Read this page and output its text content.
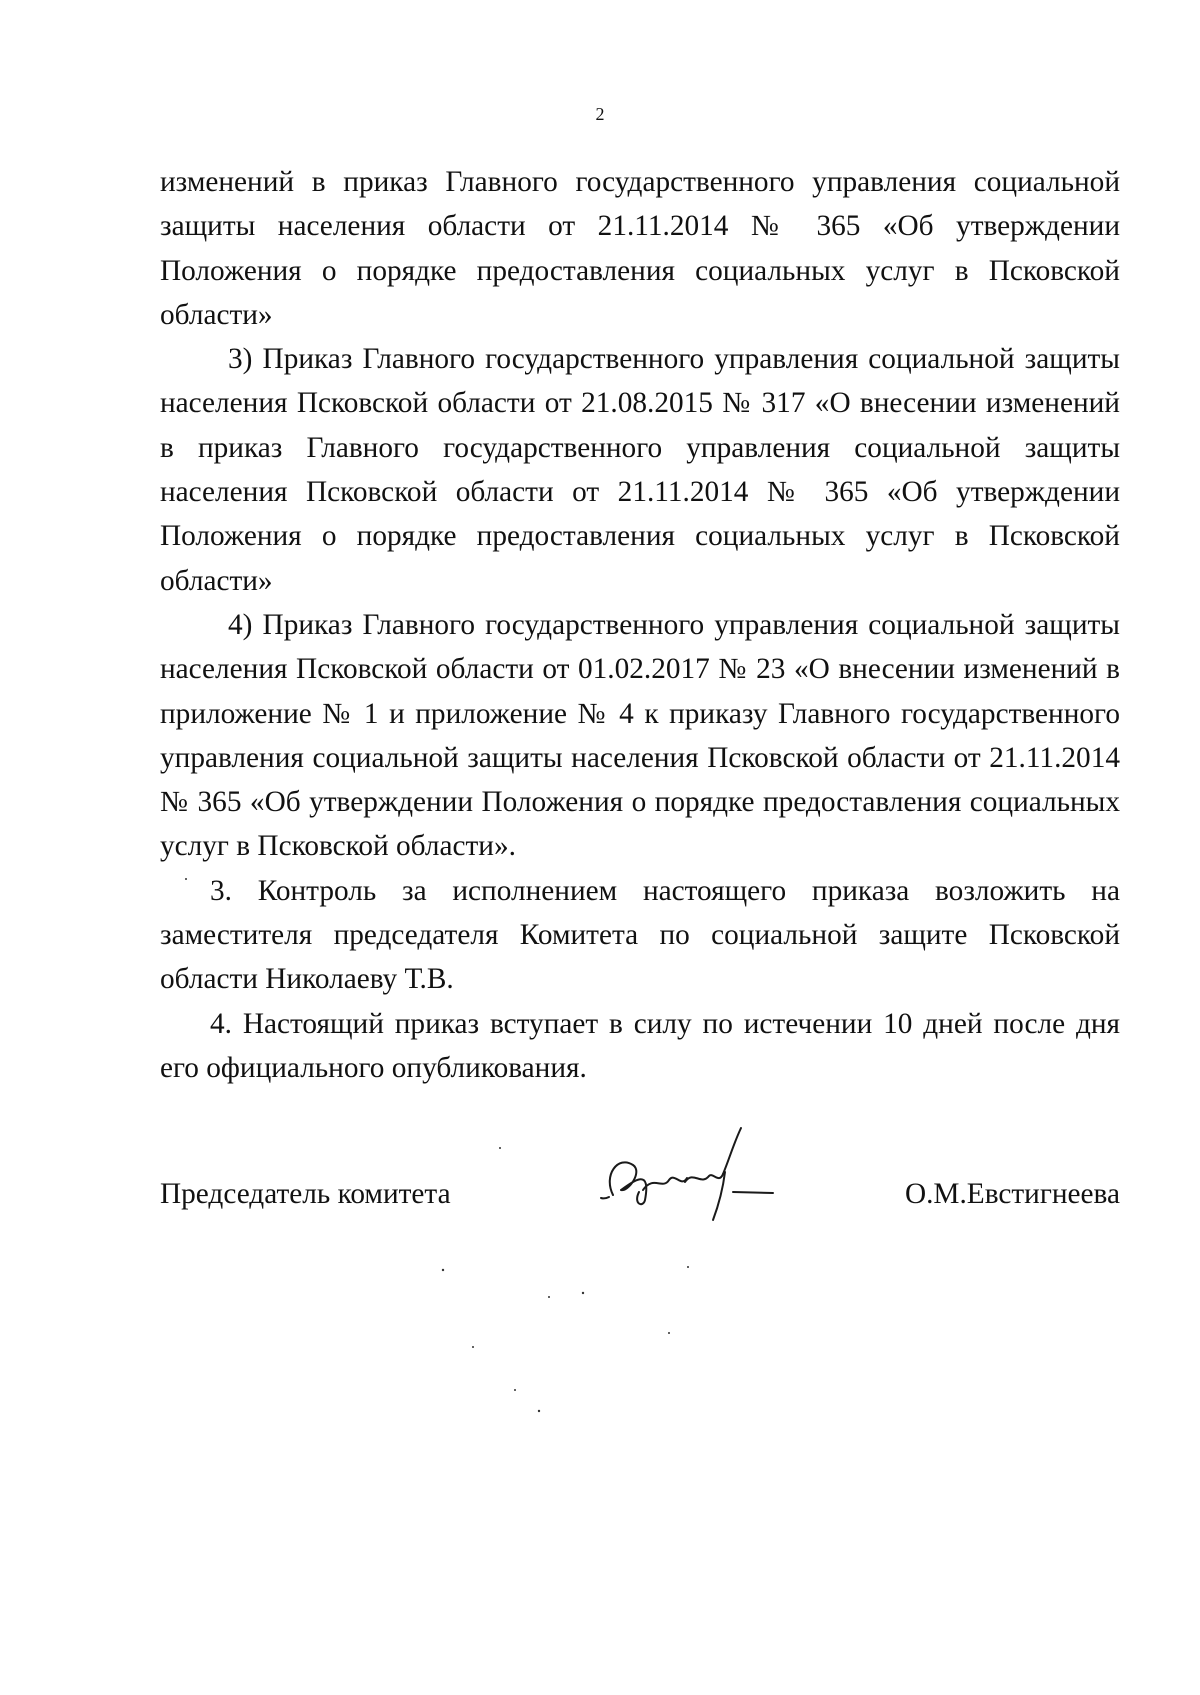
2

изменений в приказ Главного государственного управления социальной защиты населения области от 21.11.2014 № 365 «Об утверждении Положения о порядке предоставления социальных услуг в Псковской области»

3) Приказ Главного государственного управления социальной защиты населения Псковской области от 21.08.2015 № 317 «О внесении изменений в приказ Главного государственного управления социальной защиты населения Псковской области от 21.11.2014 № 365 «Об утверждении Положения о порядке предоставления социальных услуг в Псковской области»

4) Приказ Главного государственного управления социальной защиты населения Псковской области от 01.02.2017 № 23 «О внесении изменений в приложение № 1 и приложение № 4 к приказу Главного государственного управления социальной защиты населения Псковской области от 21.11.2014 № 365 «Об утверждении Положения о порядке предоставления социальных услуг в Псковской области».

3. Контроль за исполнением настоящего приказа возложить на заместителя председателя Комитета по социальной защите Псковской области Николаеву Т.В.

4. Настоящий приказ вступает в силу по истечении 10 дней после дня его официального опубликования.

Председатель комитета	О.М.Евстигнеева
